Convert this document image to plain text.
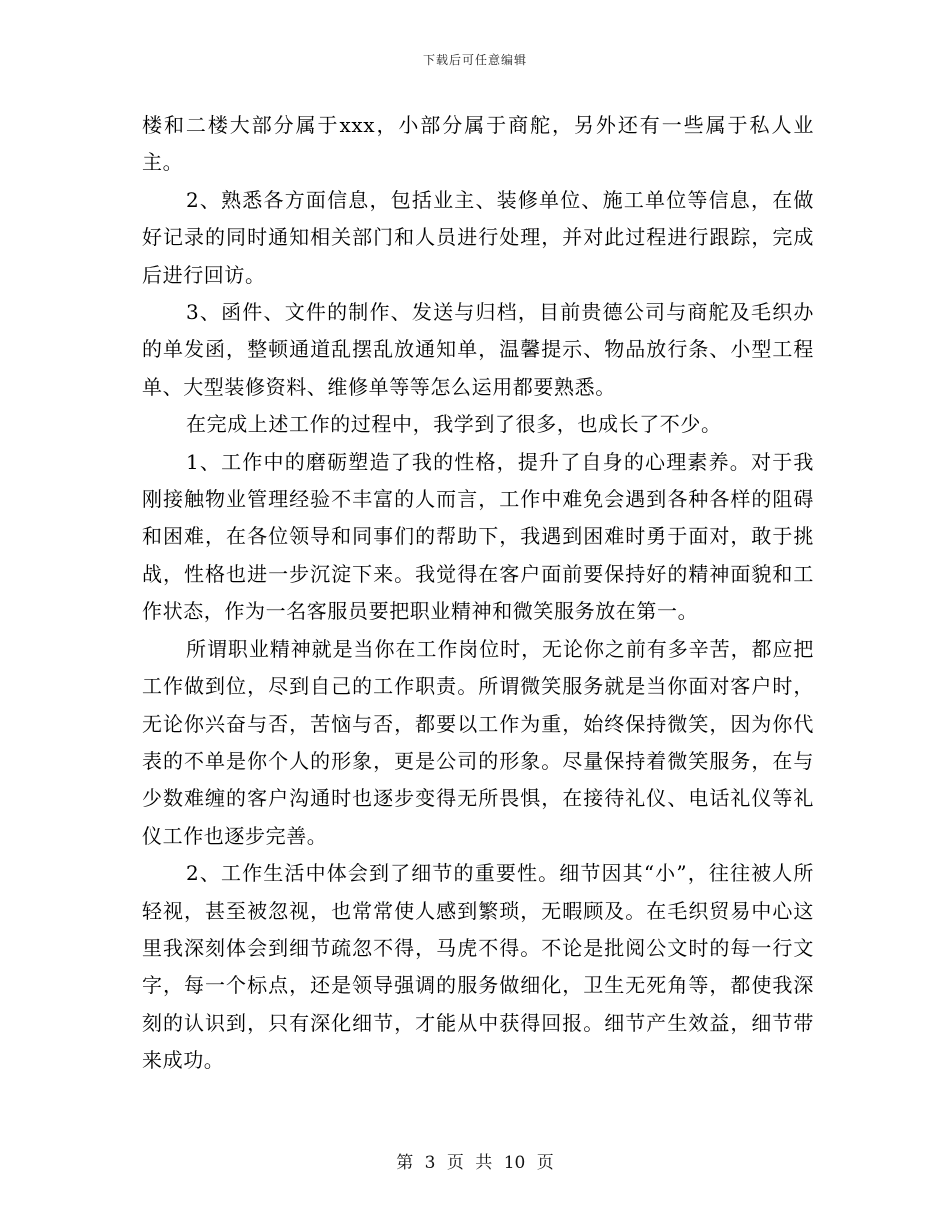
下载后可任意编辑

楼和二楼大部分属于xxx，小部分属于商舵，另外还有一些属于私人业主。

2、熟悉各方面信息，包括业主、装修单位、施工单位等信息，在做好记录的同时通知相关部门和人员进行处理，并对此过程进行跟踪，完成后进行回访。

3、函件、文件的制作、发送与归档，目前贵德公司与商舵及毛织办的单发函，整顿通道乱摆乱放通知单，温馨提示、物品放行条、小型工程单、大型装修资料、维修单等等怎么运用都要熟悉。

在完成上述工作的过程中，我学到了很多，也成长了不少。

1、工作中的磨砺塑造了我的性格，提升了自身的心理素养。对于我刚接触物业管理经验不丰富的人而言，工作中难免会遇到各种各样的阻碍和困难，在各位领导和同事们的帮助下，我遇到困难时勇于面对，敢于挑战，性格也进一步沉淀下来。我觉得在客户面前要保持好的精神面貌和工作状态，作为一名客服员要把职业精神和微笑服务放在第一。

所谓职业精神就是当你在工作岗位时，无论你之前有多辛苦，都应把工作做到位，尽到自己的工作职责。所谓微笑服务就是当你面对客户时，无论你兴奋与否，苦恼与否，都要以工作为重，始终保持微笑，因为你代表的不单是你个人的形象，更是公司的形象。尽量保持着微笑服务，在与少数难缠的客户沟通时也逐步变得无所畏惧，在接待礼仪、电话礼仪等礼仪工作也逐步完善。

2、工作生活中体会到了细节的重要性。细节因其“小”，往往被人所轻视，甚至被忽视，也常常使人感到繁琐，无暇顾及。在毛织贸易中心这里我深刻体会到细节疏忽不得，马虎不得。不论是批阅公文时的每一行文字，每一个标点，还是领导强调的服务做细化，卫生无死角等，都使我深刻的认识到，只有深化细节，才能从中获得回报。细节产生效益，细节带来成功。

第 3 页 共 10 页
